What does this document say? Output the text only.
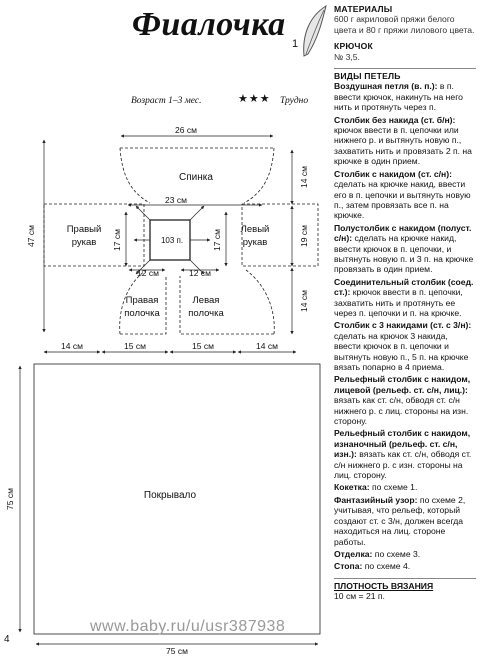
Фиалочка
1
Возраст 1–3 мес.	★★★ Трудно
МАТЕРИАЛЫ
600 г акриловой пряжи белого цвета и 80 г пряжи лилового цвета.
КРЮЧОК
№ 3,5.
ВИДЫ ПЕТЕЛЬ
Воздушная петля (в. п.): в п. ввести крючок, накинуть на него нить и протянуть через п.
Столбик без накида (ст. б/н): крючок ввести в п. цепочки или нижнего р. и вытянуть новую п., захватить нить и провязать 2 п. на крючке в один прием.
Столбик с накидом (ст. с/н): сделать на крючке накид, ввести его в п. цепочки и вытянуть новую п., затем провязать все п. на крючке.
Полустолбик с накидом (полуст. с/н): сделать на крючке накид, ввести крючок в п. цепочки, и вытянуть новую п. и 3 п. на крючке провязать в один прием.
Соединительный столбик (соед. ст.): крючок ввести в п. цепочки, захватить нить и протянуть ее через п. цепочки и п. на крючке.
Столбик с 3 накидами (ст. с 3/н): сделать на крючок 3 накида, ввести крючок в п. цепочки и вытянуть новую п., 5 п. на крючке вязать попарно в 4 приема.
Рельефный столбик с накидом, лицевой (рельеф. ст. с/н, лиц.): вязать как ст. с/н, обводя ст. с/н нижнего р. с лиц. стороны на изн. сторону.
Рельефный столбик с накидом, изнаночный (рельеф. ст. с/н, изн.): вязать как ст. с/н, обводя ст. с/н нижнего р. с изн. стороны на лиц. сторону.
Кокетка: по схеме 1.
Фантазийный узор: по схеме 2, учитывая, что рельеф, который создают ст. с 3/н, должен всегда находиться на лиц. стороне работы.
Отделка: по схеме 3.
Стопа: по схеме 4.
ПЛОТНОСТЬ ВЯЗАНИЯ
10 см = 21 п.
26 см
Спинка
23 см
Правый
рукав
Левый
рукав
103 п.
47 см	17 см	17 см
12 см	12 см
Правая
полочка
Левая
полочка
14 см
19 см
14 см
14 см	15 см	15 см	14 см
Покрывало
75 см
75 см
www.baby.ru/u/usr387938
4
